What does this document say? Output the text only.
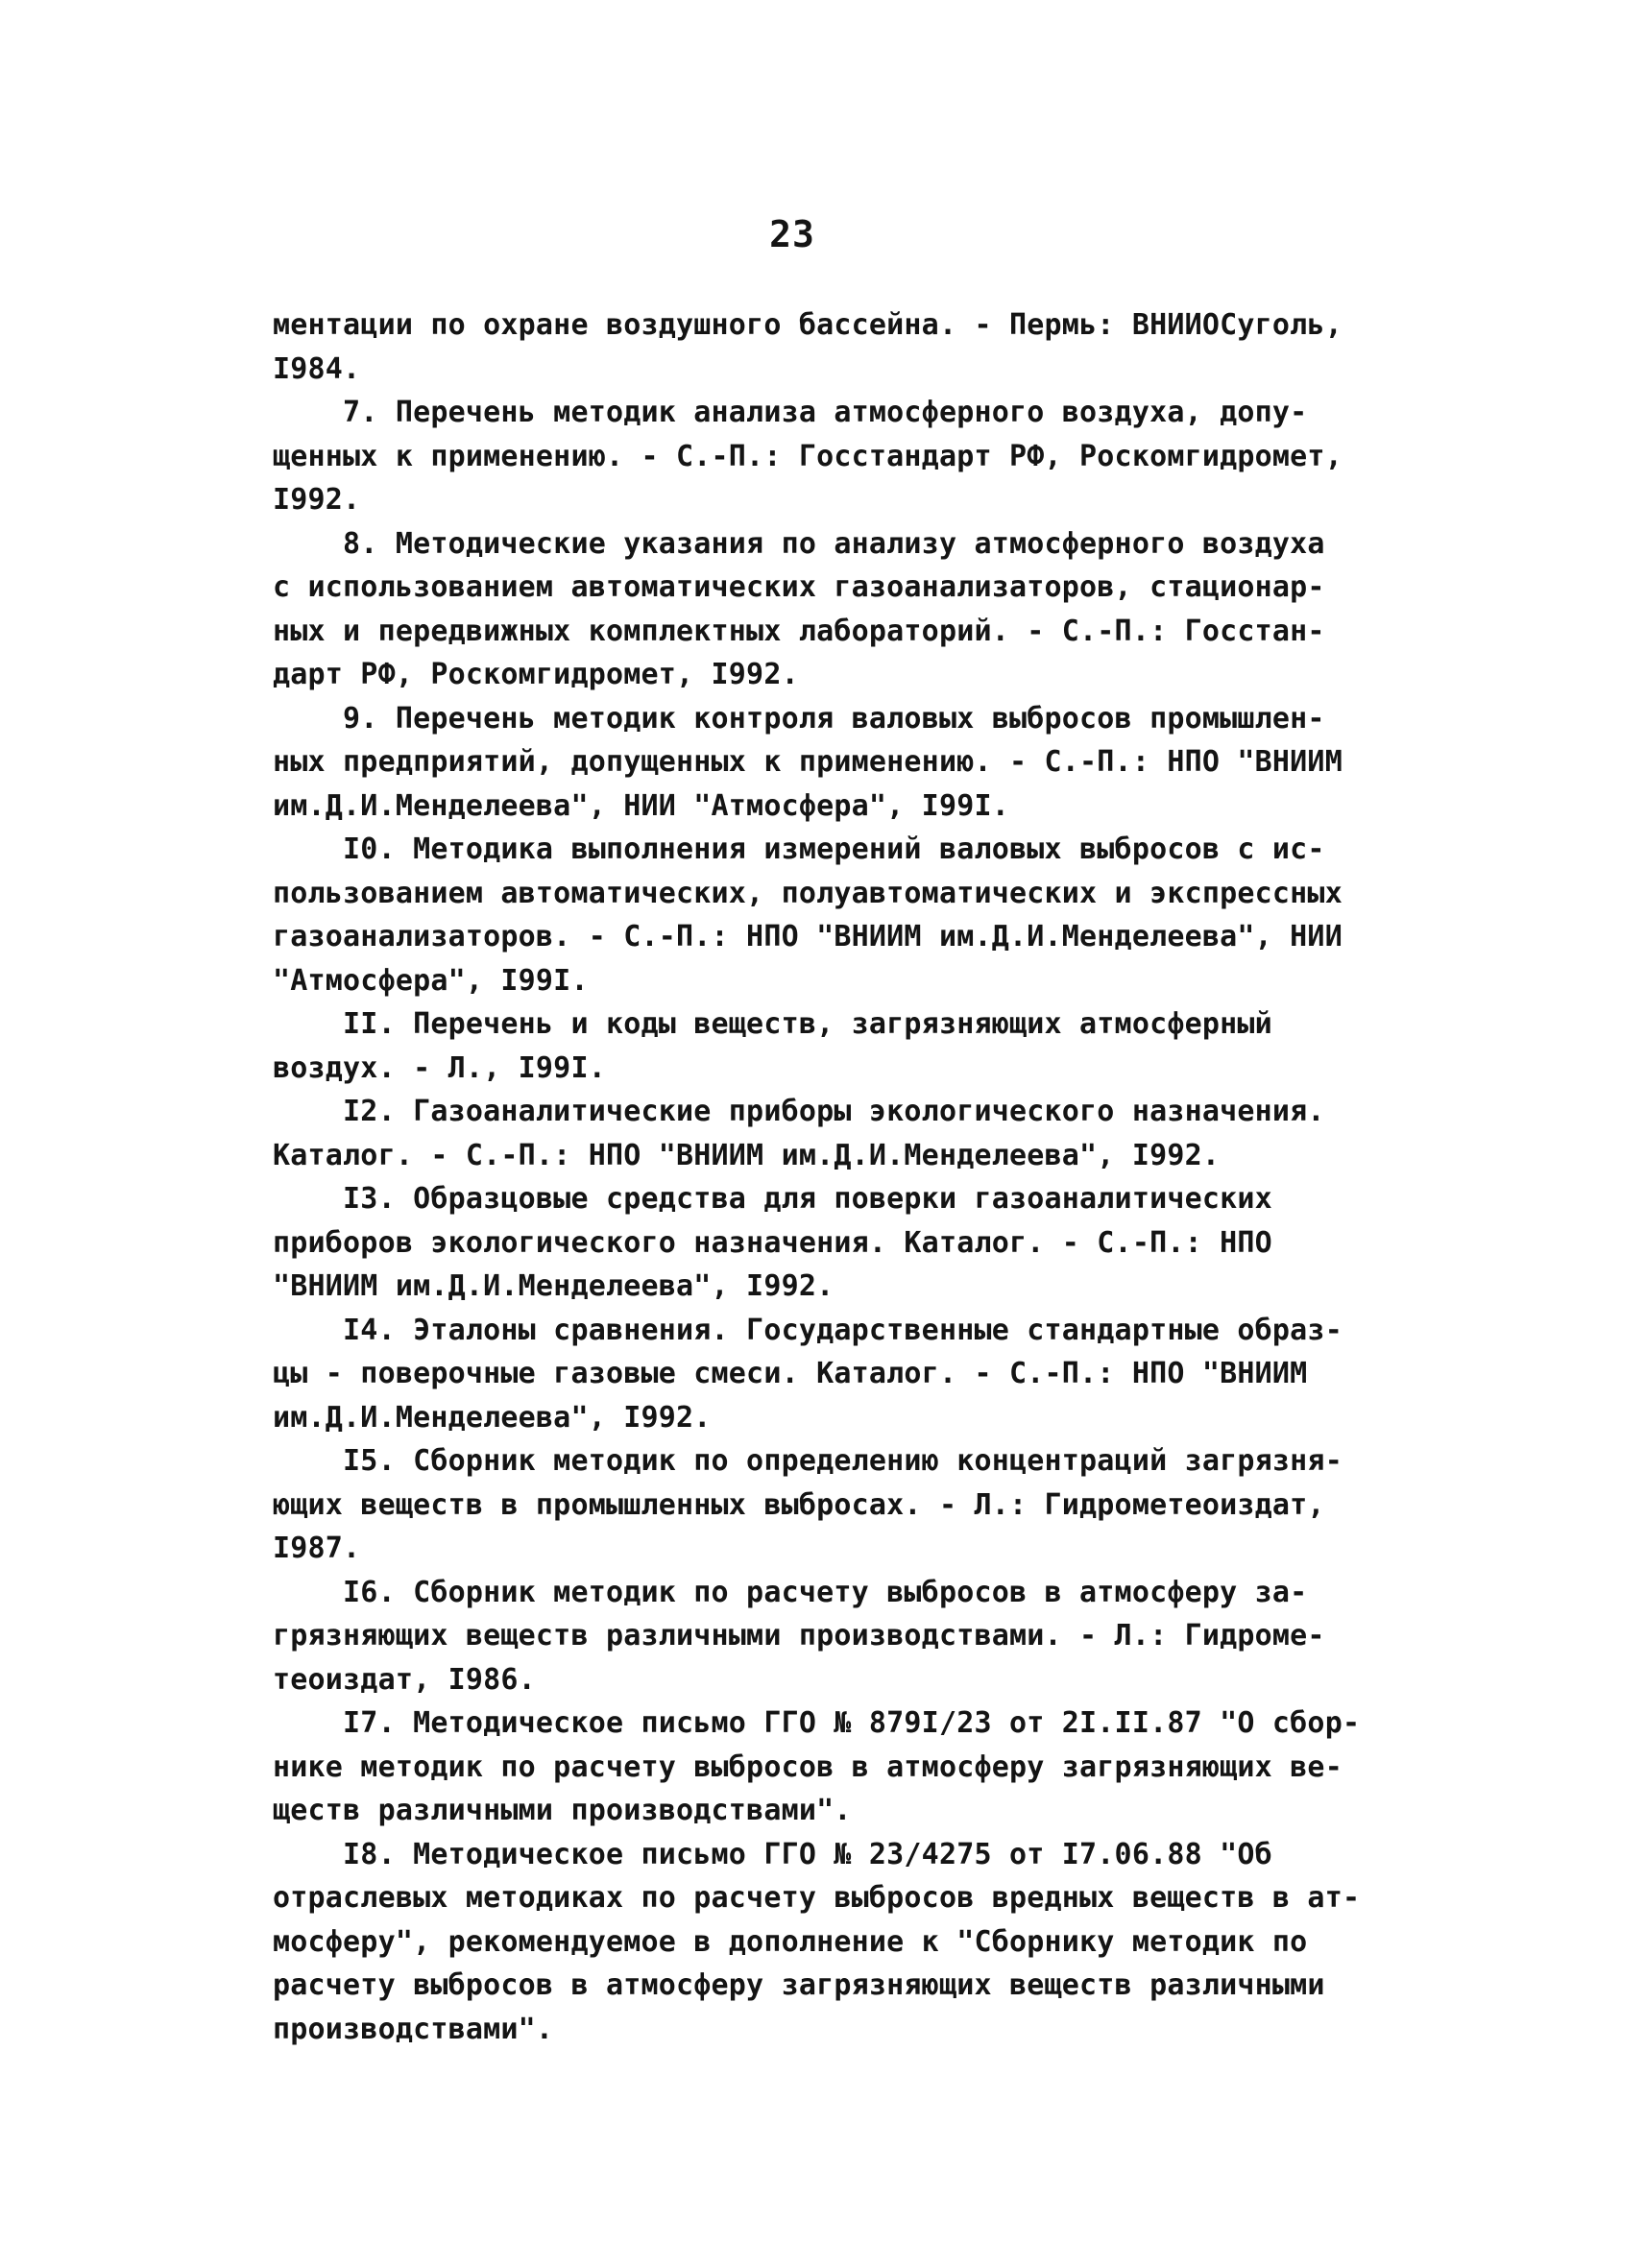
23
ментации по охране воздушного бассейна. - Пермь: ВНИИОСуголь,
I984.
7. Перечень методик анализа атмосферного воздуха, допу-
щенных к применению. - С.-П.: Госстандарт РФ, Роскомгидромет,
I992.
8. Методические указания по анализу атмосферного воздуха
с использованием автоматических газоанализаторов, стационар-
ных и передвижных комплектных лабораторий. - С.-П.: Госстан-
дарт РФ, Роскомгидромет, I992.
9. Перечень методик контроля валовых выбросов промышлен-
ных предприятий, допущенных к применению. - С.-П.: НПО "ВНИИМ
им.Д.И.Менделеева", НИИ "Атмосфера", I99I.
I0. Методика выполнения измерений валовых выбросов с ис-
пользованием автоматических, полуавтоматических и экспрессных
газоанализаторов. - С.-П.: НПО "ВНИИМ им.Д.И.Менделеева", НИИ
"Атмосфера", I99I.
II. Перечень и коды веществ, загрязняющих атмосферный
воздух. - Л., I99I.
I2. Газоаналитические приборы экологического назначения.
Каталог. - С.-П.: НПО "ВНИИМ им.Д.И.Менделеева", I992.
I3. Образцовые средства для поверки газоаналитических
приборов экологического назначения. Каталог. - С.-П.: НПО
"ВНИИМ им.Д.И.Менделеева", I992.
I4. Эталоны сравнения. Государственные стандартные образ-
цы - поверочные газовые смеси. Каталог. - С.-П.: НПО "ВНИИМ
им.Д.И.Менделеева", I992.
I5. Сборник методик по определению концентраций загрязня-
ющих веществ в промышленных выбросах. - Л.: Гидрометеоиздат,
I987.
I6. Сборник методик по расчету выбросов в атмосферу за-
грязняющих веществ различными производствами. - Л.: Гидроме-
теоиздат, I986.
I7. Методическое письмо ГГО № 879I/23 от 2I.II.87 "О сбор-
нике методик по расчету выбросов в атмосферу загрязняющих ве-
ществ различными производствами".
I8. Методическое письмо ГГО № 23/4275 от I7.06.88 "Об
отраслевых методиках по расчету выбросов вредных веществ в ат-
мосферу", рекомендуемое в дополнение к "Сборнику методик по
расчету выбросов в атмосферу загрязняющих веществ различными
производствами".
